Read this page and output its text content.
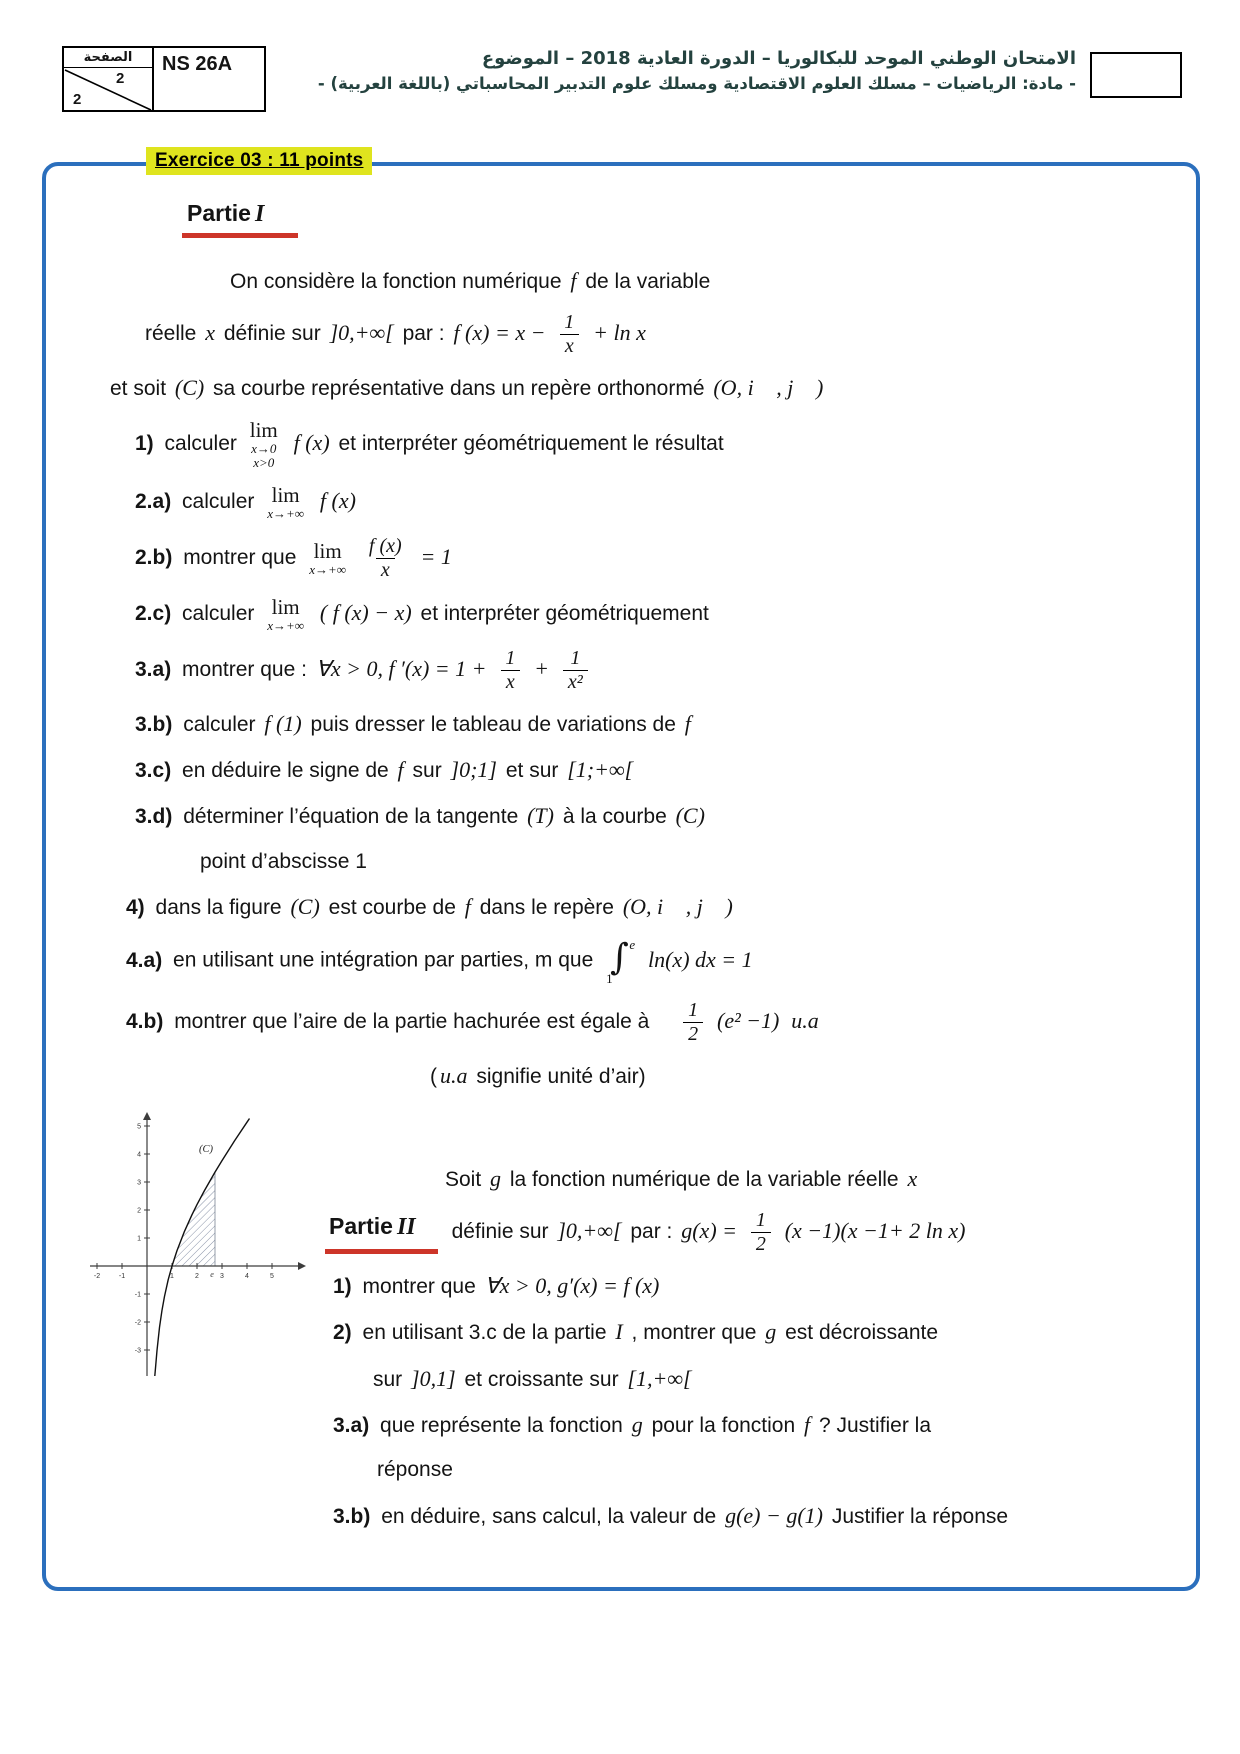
الصفحة
2
2
NS 26A	الامتحان الوطني الموحد للبكالوريا – الدورة العادية 2018 – الموضوع
- مادة: الرياضيات – مسلك العلوم الاقتصادية ومسلك علوم التدبير المحاسباتي (باللغة العربية) -
Exercice 03 : 11 points
Partie I
On considère la fonction numérique f de la variable
réelle x définie sur ]0,+∞[ par : f $(x) = x - \frac{1}{x} + \ln x$
et soit (C) sa courbe représentative dans un repère orthonormé (O, i⃗ , j⃗ )
1) calculer
lim
x→0
x>0
f (x) et interpréter géométriquement le résultat
2.a) calculer lim
x→+∞
f (x)
2.b) montrer que lim
x→+∞
$\frac{f (x)}{x} = 1$
2.c) calculer lim
x→+∞
( f (x) − x) et interpréter géométriquement
3.a) montrer que : ∀x > 0, f $'(x) = 1 + \frac{1}{x} + \frac{1}{\text{x²}}$
3.b) calculer f (1) puis dresser le tableau de variations de f
3.c) en déduire le signe de f sur ]0;1] et sur [1;+∞[
3.d) déterminer l’équation de la tangente (T) à la courbe (C)
point d’abscisse 1
4) dans la figure (C) est courbe de f dans le repère (O, i⃗ , j⃗ )
4.a) en utilisant une intégration par parties, m que ∫ e
1
ln(x) dx = 1
4.b) montrer que l’aire de la partie hachurée est égale à $\frac{1}{2} (e^2 -1)$ u.a
( u.a signifie unité d’air)
-2	-1	1	2	3	4	5
e
5
4
3
2
1
-1
-2
-3
(C)
Soit g la fonction numérique de la variable réelle x
Partie II	définie sur ]0,+∞[ par : $g(x) = \frac{1}{2} (x -1)(x -1+ 2$ ln x)
1) montrer que ∀x > 0, g′(x) = f (x)
2) en utilisant 3.c de la partie I , montrer que g est décroissante
sur ]0,1] et croissante sur [1,+∞[
3.a) que représente la fonction g pour la fonction f ? Justifier la
réponse
3.b) en déduire, sans calcul, la valeur de g(e) − g(1) Justifier la réponse
